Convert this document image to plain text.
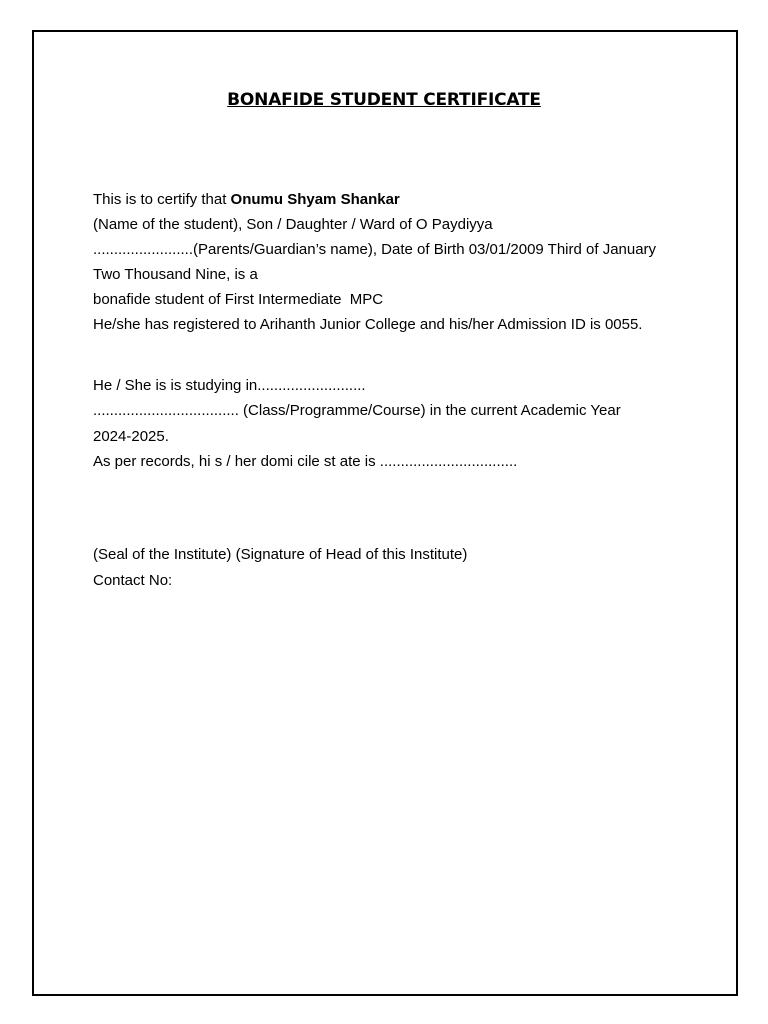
BONAFIDE STUDENT CERTIFICATE
This is to certify that Onumu Shyam Shankar
(Name of the student), Son / Daughter / Ward of O Paydiyya
........................(Parents/Guardian’s name), Date of Birth 03/01/2009 Third of January
Two Thousand Nine, is a
bonafide student of First Intermediate  MPC
He/she has registered to Arihanth Junior College and his/her Admission ID is 0055.
He / She is is studying in..........................
................................... (Class/Programme/Course) in the current Academic Year
2024-2025.
As per records, hi s / her domi cile st ate is .................................
(Seal of the Institute) (Signature of Head of this Institute)
Contact No:
